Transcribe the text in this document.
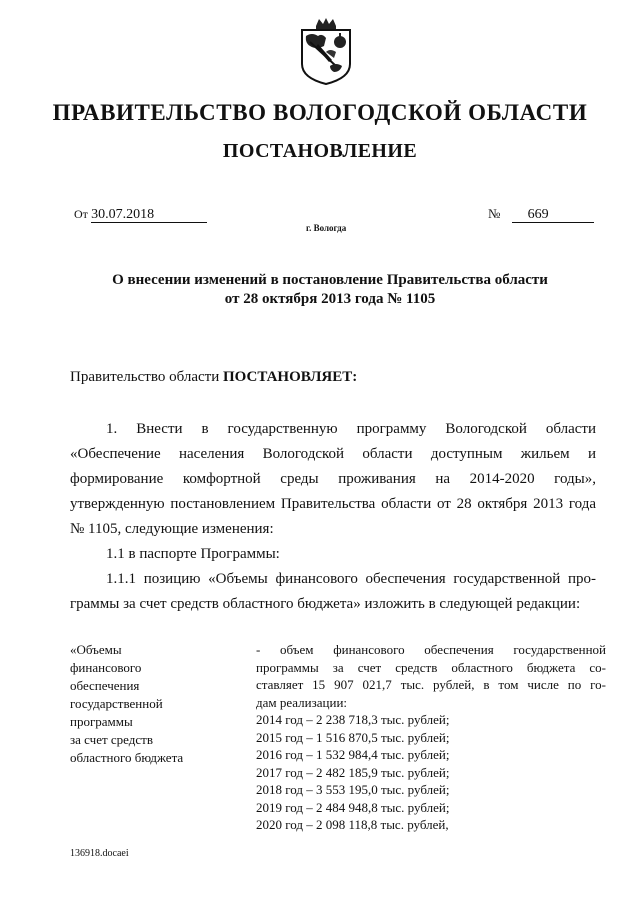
ПРАВИТЕЛЬСТВО ВОЛОГОДСКОЙ ОБЛАСТИ
ПОСТАНОВЛЕНИЕ
От 30.07.2018	№ 669
г. Вологда

О внесении изменений в постановление Правительства области
от 28 октября 2013 года № 1105

Правительство области ПОСТАНОВЛЯЕТ:

1. Внести в государственную программу Вологодской области
«Обеспечение населения Вологодской области доступным жильем и
формирование комфортной среды проживания на 2014-2020 годы»,
утвержденную постановлением Правительства области от 28 октября 2013 года
№ 1105, следующие изменения:

1.1 в паспорте Программы:

1.1.1 позицию «Объемы финансового обеспечения государственной про-
граммы за счет средств областного бюджета» изложить в следующей редакции:
«Объемы
финансового
обеспечения
государственной
программы
за счет средств
областного бюджета
- объем финансового обеспечения государственной
программы за счет средств областного бюджета со-
ставляет 15 907 021,7 тыс. рублей, в том числе по го-
дам реализации:
2014 год – 2 238 718,3 тыс. рублей;
2015 год – 1 516 870,5 тыс. рублей;
2016 год – 1 532 984,4 тыс. рублей;
2017 год – 2 482 185,9 тыс. рублей;
2018 год – 3 553 195,0 тыс. рублей;
2019 год – 2 484 948,8 тыс. рублей;
2020 год – 2 098 118,8 тыс. рублей,
136918.docaei
